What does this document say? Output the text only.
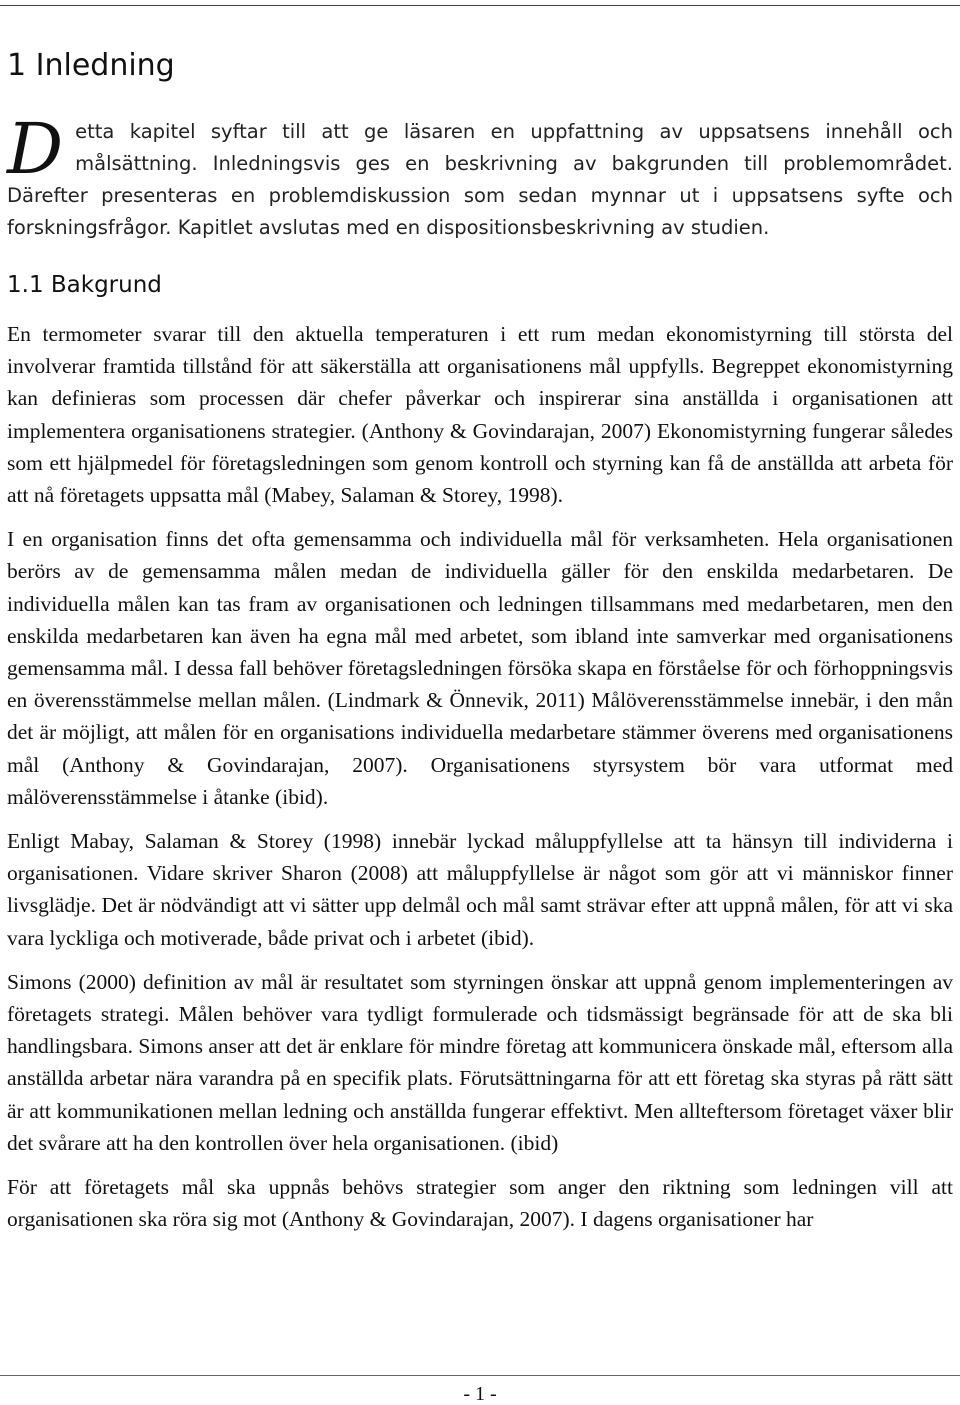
1 Inledning

Detta kapitel syftar till att ge läsaren en uppfattning av uppsatsens innehåll och målsättning. Inledningsvis ges en beskrivning av bakgrunden till problemområdet. Därefter presenteras en problemdiskussion som sedan mynnar ut i uppsatsens syfte och forskningsfrågor. Kapitlet avslutas med en dispositionsbeskrivning av studien.

1.1 Bakgrund

En termometer svarar till den aktuella temperaturen i ett rum medan ekonomistyrning till största del involverar framtida tillstånd för att säkerställa att organisationens mål uppfylls. Begreppet ekonomistyrning kan definieras som processen där chefer påverkar och inspirerar sina anställda i organisationen att implementera organisationens strategier. (Anthony & Govindarajan, 2007) Ekonomistyrning fungerar således som ett hjälpmedel för företagsledningen som genom kontroll och styrning kan få de anställda att arbeta för att nå företagets uppsatta mål (Mabey, Salaman & Storey, 1998).

I en organisation finns det ofta gemensamma och individuella mål för verksamheten. Hela organisationen berörs av de gemensamma målen medan de individuella gäller för den enskilda medarbetaren. De individuella målen kan tas fram av organisationen och ledningen tillsammans med medarbetaren, men den enskilda medarbetaren kan även ha egna mål med arbetet, som ibland inte samverkar med organisationens gemensamma mål. I dessa fall behöver företagsledningen försöka skapa en förståelse för och förhoppningsvis en överensstämmelse mellan målen. (Lindmark & Önnevik, 2011) Målöverensstämmelse innebär, i den mån det är möjligt, att målen för en organisations individuella medarbetare stämmer överens med organisationens mål (Anthony & Govindarajan, 2007). Organisationens styrsystem bör vara utformat med målöverensstämmelse i åtanke (ibid).

Enligt Mabay, Salaman & Storey (1998) innebär lyckad måluppfyllelse att ta hänsyn till individerna i organisationen. Vidare skriver Sharon (2008) att måluppfyllelse är något som gör att vi människor finner livsglädje. Det är nödvändigt att vi sätter upp delmål och mål samt strävar efter att uppnå målen, för att vi ska vara lyckliga och motiverade, både privat och i arbetet (ibid).

Simons (2000) definition av mål är resultatet som styrningen önskar att uppnå genom implementeringen av företagets strategi. Målen behöver vara tydligt formulerade och tidsmässigt begränsade för att de ska bli handlingsbara. Simons anser att det är enklare för mindre företag att kommunicera önskade mål, eftersom alla anställda arbetar nära varandra på en specifik plats. Förutsättningarna för att ett företag ska styras på rätt sätt är att kommunikationen mellan ledning och anställda fungerar effektivt. Men allteftersom företaget växer blir det svårare att ha den kontrollen över hela organisationen. (ibid)

För att företagets mål ska uppnås behövs strategier som anger den riktning som ledningen vill att organisationen ska röra sig mot (Anthony & Govindarajan, 2007). I dagens organisationer har

- 1 -
